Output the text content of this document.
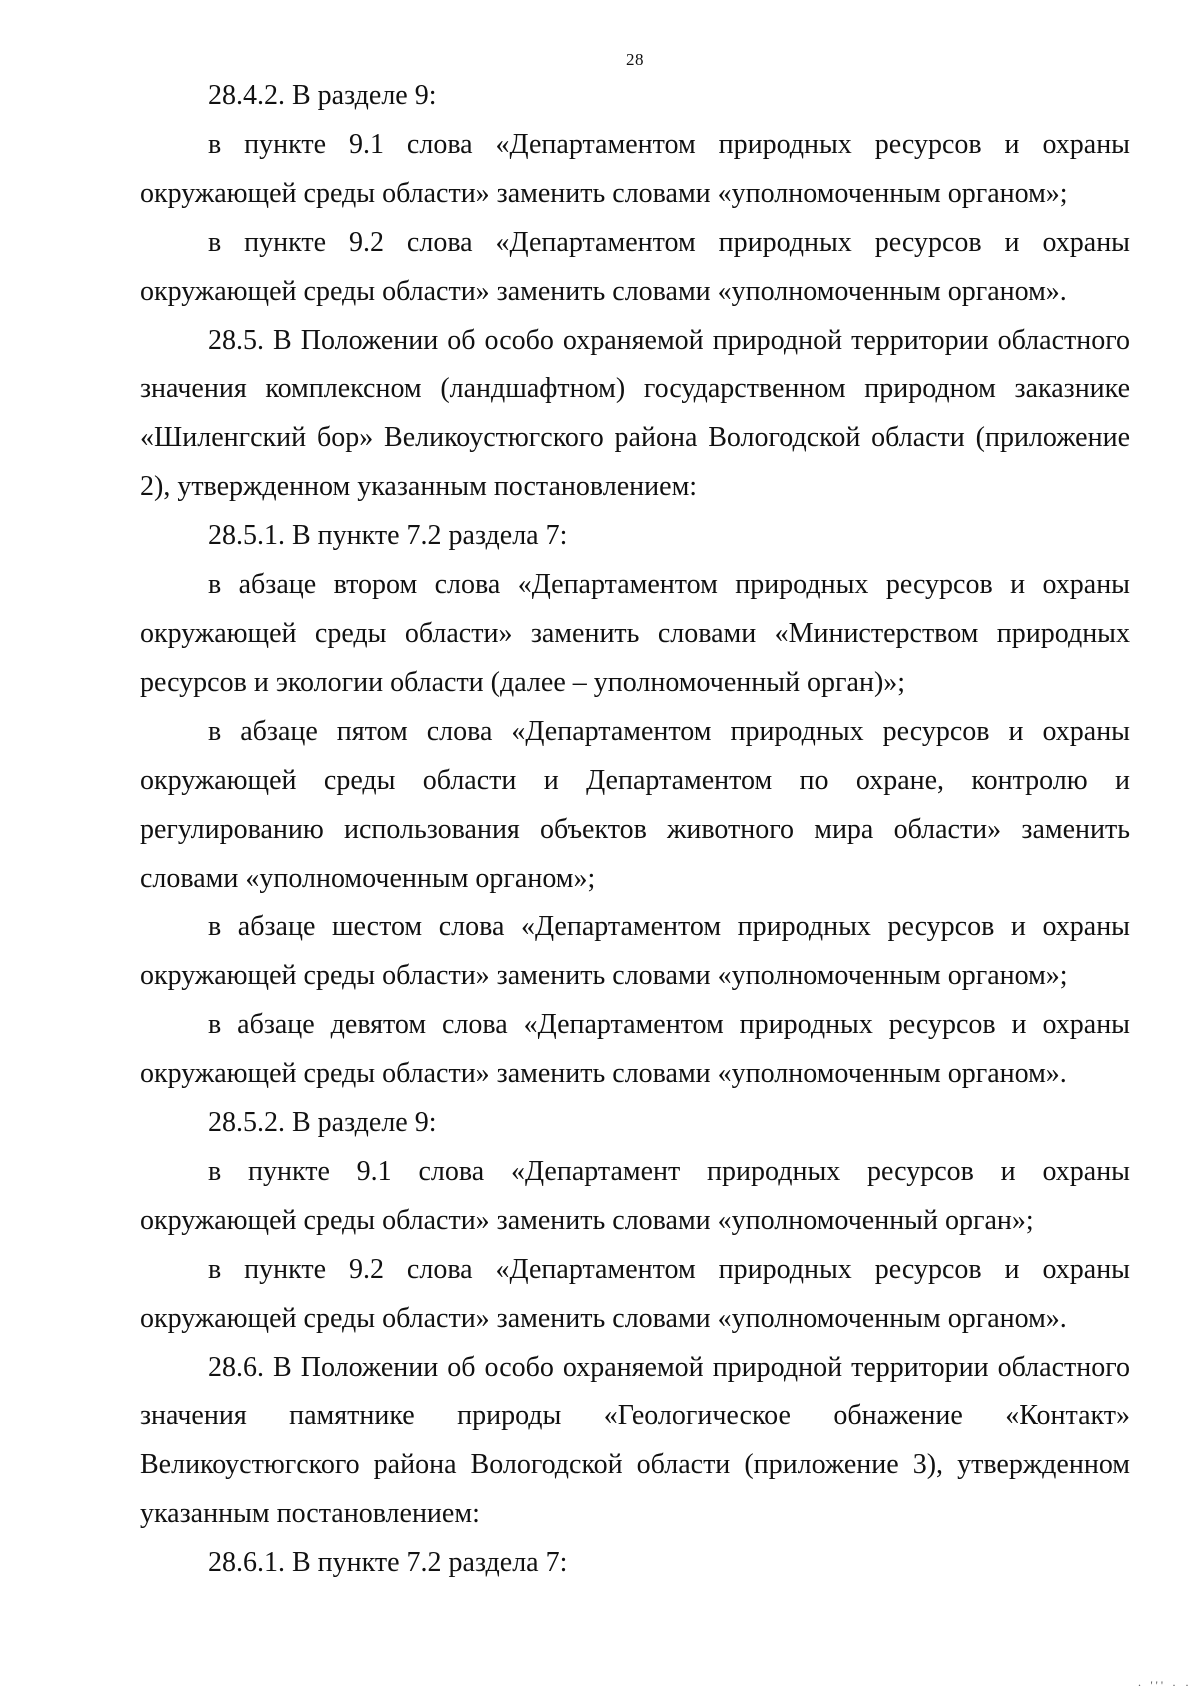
28

28.4.2. В разделе 9:

в пункте 9.1 слова «Департаментом природных ресурсов и охраны окружающей среды области» заменить словами «уполномоченным органом»;

в пункте 9.2 слова «Департаментом природных ресурсов и охраны окружающей среды области» заменить словами «уполномоченным органом».

28.5. В Положении об особо охраняемой природной территории областного значения комплексном (ландшафтном) государственном природном заказнике «Шиленгский бор» Великоустюгского района Вологодской области (приложение 2), утвержденном указанным постановлением:

28.5.1. В пункте 7.2 раздела 7:

в абзаце втором слова «Департаментом природных ресурсов и охраны окружающей среды области» заменить словами «Министерством природных ресурсов и экологии области (далее – уполномоченный орган)»;

в абзаце пятом слова «Департаментом природных ресурсов и охраны окружающей среды области и Департаментом по охране, контролю и регулированию использования объектов животного мира области» заменить словами «уполномоченным органом»;

в абзаце шестом слова «Департаментом природных ресурсов и охраны окружающей среды области» заменить словами «уполномоченным органом»;

в абзаце девятом слова «Департаментом природных ресурсов и охраны окружающей среды области» заменить словами «уполномоченным органом».

28.5.2. В разделе 9:

в пункте 9.1 слова «Департамент природных ресурсов и охраны окружающей среды области» заменить словами «уполномоченный орган»;

в пункте 9.2 слова «Департаментом природных ресурсов и охраны окружающей среды области» заменить словами «уполномоченным органом».

28.6. В Положении об особо охраняемой природной территории областного значения памятнике природы «Геологическое обнажение «Контакт» Великоустюгского района Вологодской области (приложение 3), утвержденном указанным постановлением:

28.6.1. В пункте 7.2 раздела 7:

· ''' · ·
